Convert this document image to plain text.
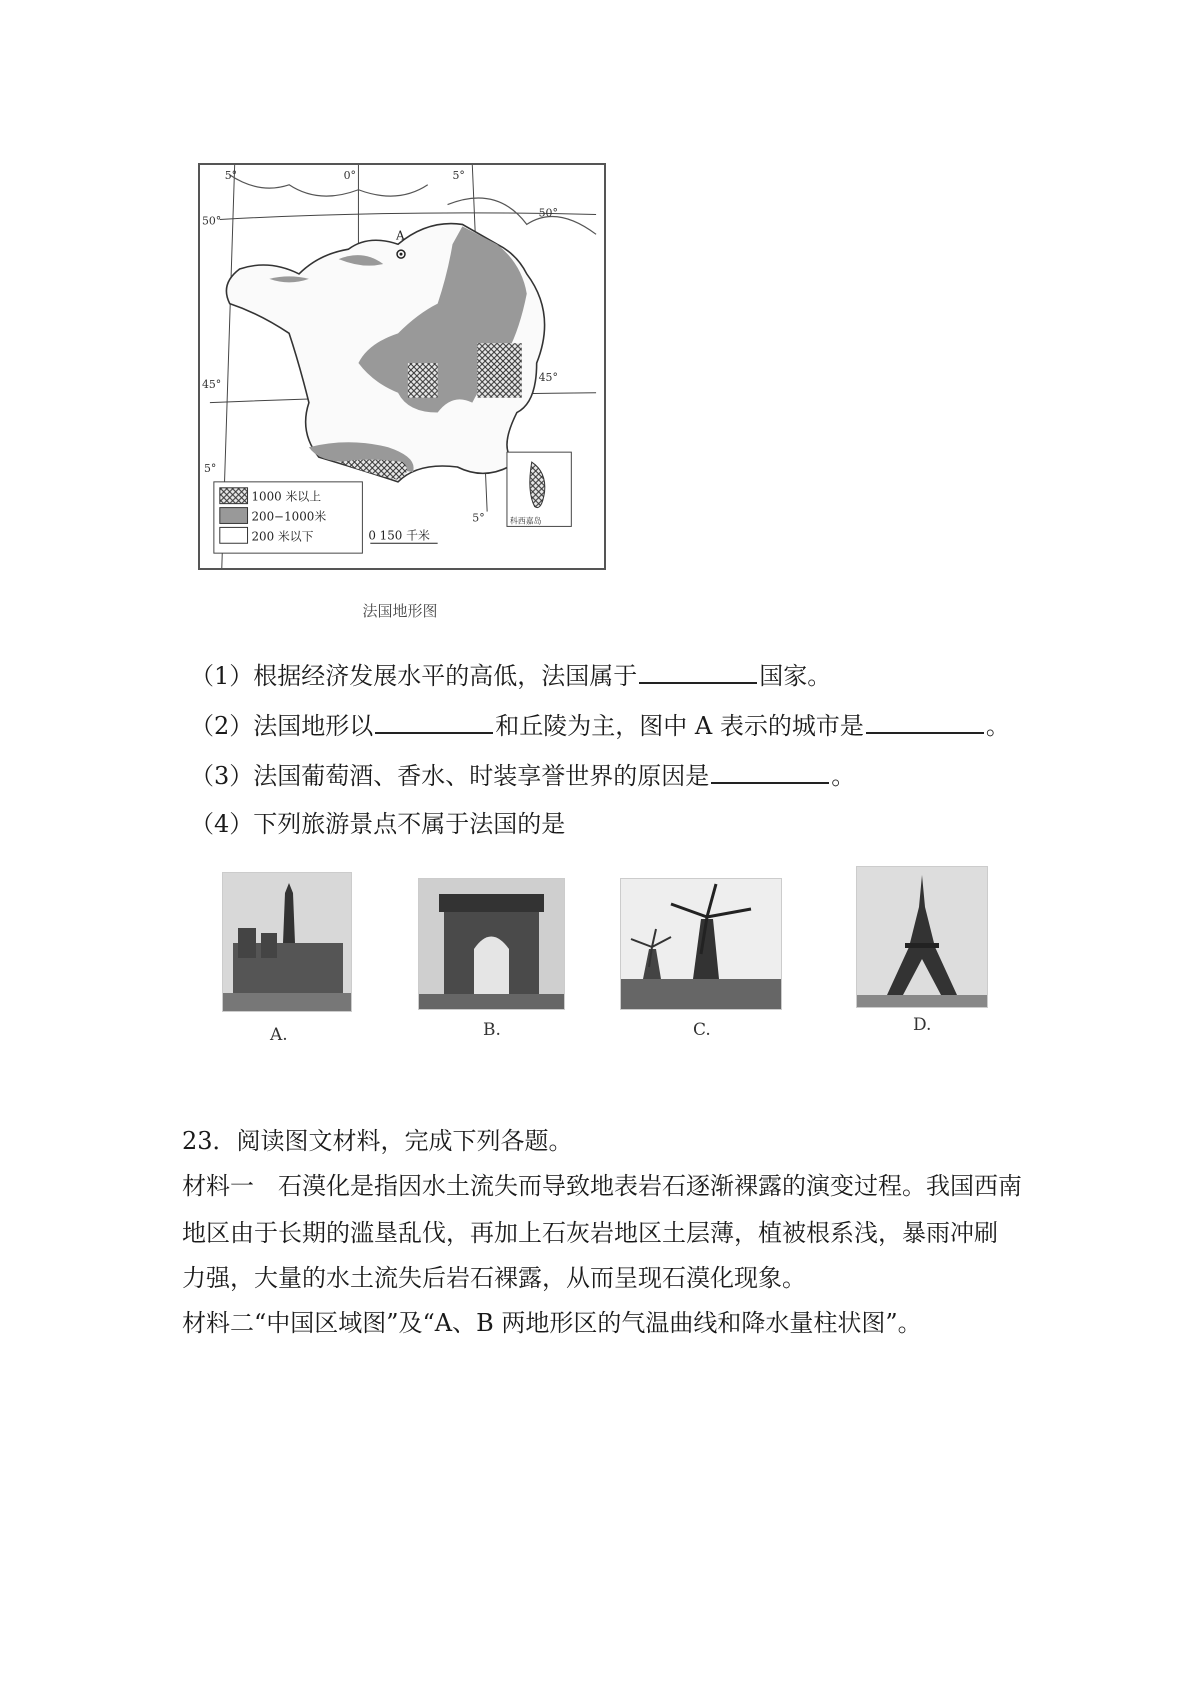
A
5°	0°	5°
50°
50°
45°
45°
5°
5°	科西嘉岛
1000 米以上
200−1000米
200 米以下	0 150 千米
法国地形图
（1）根据经济发展水平的高低，法国属于	国家。
（2）法国地形以	和丘陵为主，图中 A 表示的城市是	。
（3）法国葡萄酒、香水、时装享誉世界的原因是	。
（4）下列旅游景点不属于法国的是
A.	B.	C.	D.
23．阅读图文材料，完成下列各题。
材料一　石漠化是指因水土流失而导致地表岩石逐渐裸露的演变过程。我国西南
地区由于长期的滥垦乱伐，再加上石灰岩地区土层薄，植被根系浅，暴雨冲刷
力强，大量的水土流失后岩石裸露，从而呈现石漠化现象。
材料二“中国区域图”及“A、B 两地形区的气温曲线和降水量柱状图”。
